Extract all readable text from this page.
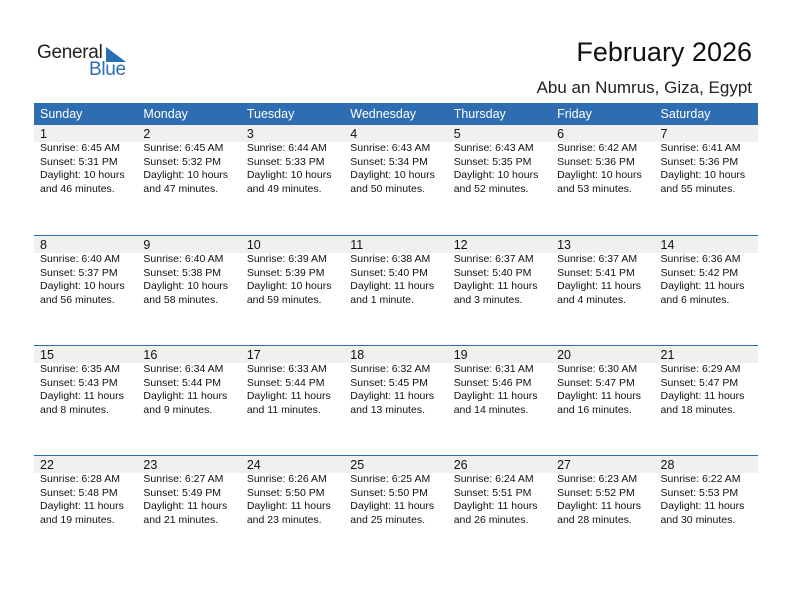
General
Blue
February 2026
Abu an Numrus, Giza, Egypt
Sunday	Monday	Tuesday	Wednesday	Thursday	Friday	Saturday
1	2	3	4	5	6	7
Sunrise: 6:45 AM
Sunset: 5:31 PM
Daylight: 10 hours
and 46 minutes.
Sunrise: 6:45 AM
Sunset: 5:32 PM
Daylight: 10 hours
and 47 minutes.
Sunrise: 6:44 AM
Sunset: 5:33 PM
Daylight: 10 hours
and 49 minutes.
Sunrise: 6:43 AM
Sunset: 5:34 PM
Daylight: 10 hours
and 50 minutes.
Sunrise: 6:43 AM
Sunset: 5:35 PM
Daylight: 10 hours
and 52 minutes.
Sunrise: 6:42 AM
Sunset: 5:36 PM
Daylight: 10 hours
and 53 minutes.
Sunrise: 6:41 AM
Sunset: 5:36 PM
Daylight: 10 hours
and 55 minutes.
8	9	10	11	12	13	14
Sunrise: 6:40 AM
Sunset: 5:37 PM
Daylight: 10 hours
and 56 minutes.
Sunrise: 6:40 AM
Sunset: 5:38 PM
Daylight: 10 hours
and 58 minutes.
Sunrise: 6:39 AM
Sunset: 5:39 PM
Daylight: 10 hours
and 59 minutes.
Sunrise: 6:38 AM
Sunset: 5:40 PM
Daylight: 11 hours
and 1 minute.
Sunrise: 6:37 AM
Sunset: 5:40 PM
Daylight: 11 hours
and 3 minutes.
Sunrise: 6:37 AM
Sunset: 5:41 PM
Daylight: 11 hours
and 4 minutes.
Sunrise: 6:36 AM
Sunset: 5:42 PM
Daylight: 11 hours
and 6 minutes.
15	16	17	18	19	20	21
Sunrise: 6:35 AM
Sunset: 5:43 PM
Daylight: 11 hours
and 8 minutes.
Sunrise: 6:34 AM
Sunset: 5:44 PM
Daylight: 11 hours
and 9 minutes.
Sunrise: 6:33 AM
Sunset: 5:44 PM
Daylight: 11 hours
and 11 minutes.
Sunrise: 6:32 AM
Sunset: 5:45 PM
Daylight: 11 hours
and 13 minutes.
Sunrise: 6:31 AM
Sunset: 5:46 PM
Daylight: 11 hours
and 14 minutes.
Sunrise: 6:30 AM
Sunset: 5:47 PM
Daylight: 11 hours
and 16 minutes.
Sunrise: 6:29 AM
Sunset: 5:47 PM
Daylight: 11 hours
and 18 minutes.
22	23	24	25	26	27	28
Sunrise: 6:28 AM
Sunset: 5:48 PM
Daylight: 11 hours
and 19 minutes.
Sunrise: 6:27 AM
Sunset: 5:49 PM
Daylight: 11 hours
and 21 minutes.
Sunrise: 6:26 AM
Sunset: 5:50 PM
Daylight: 11 hours
and 23 minutes.
Sunrise: 6:25 AM
Sunset: 5:50 PM
Daylight: 11 hours
and 25 minutes.
Sunrise: 6:24 AM
Sunset: 5:51 PM
Daylight: 11 hours
and 26 minutes.
Sunrise: 6:23 AM
Sunset: 5:52 PM
Daylight: 11 hours
and 28 minutes.
Sunrise: 6:22 AM
Sunset: 5:53 PM
Daylight: 11 hours
and 30 minutes.
